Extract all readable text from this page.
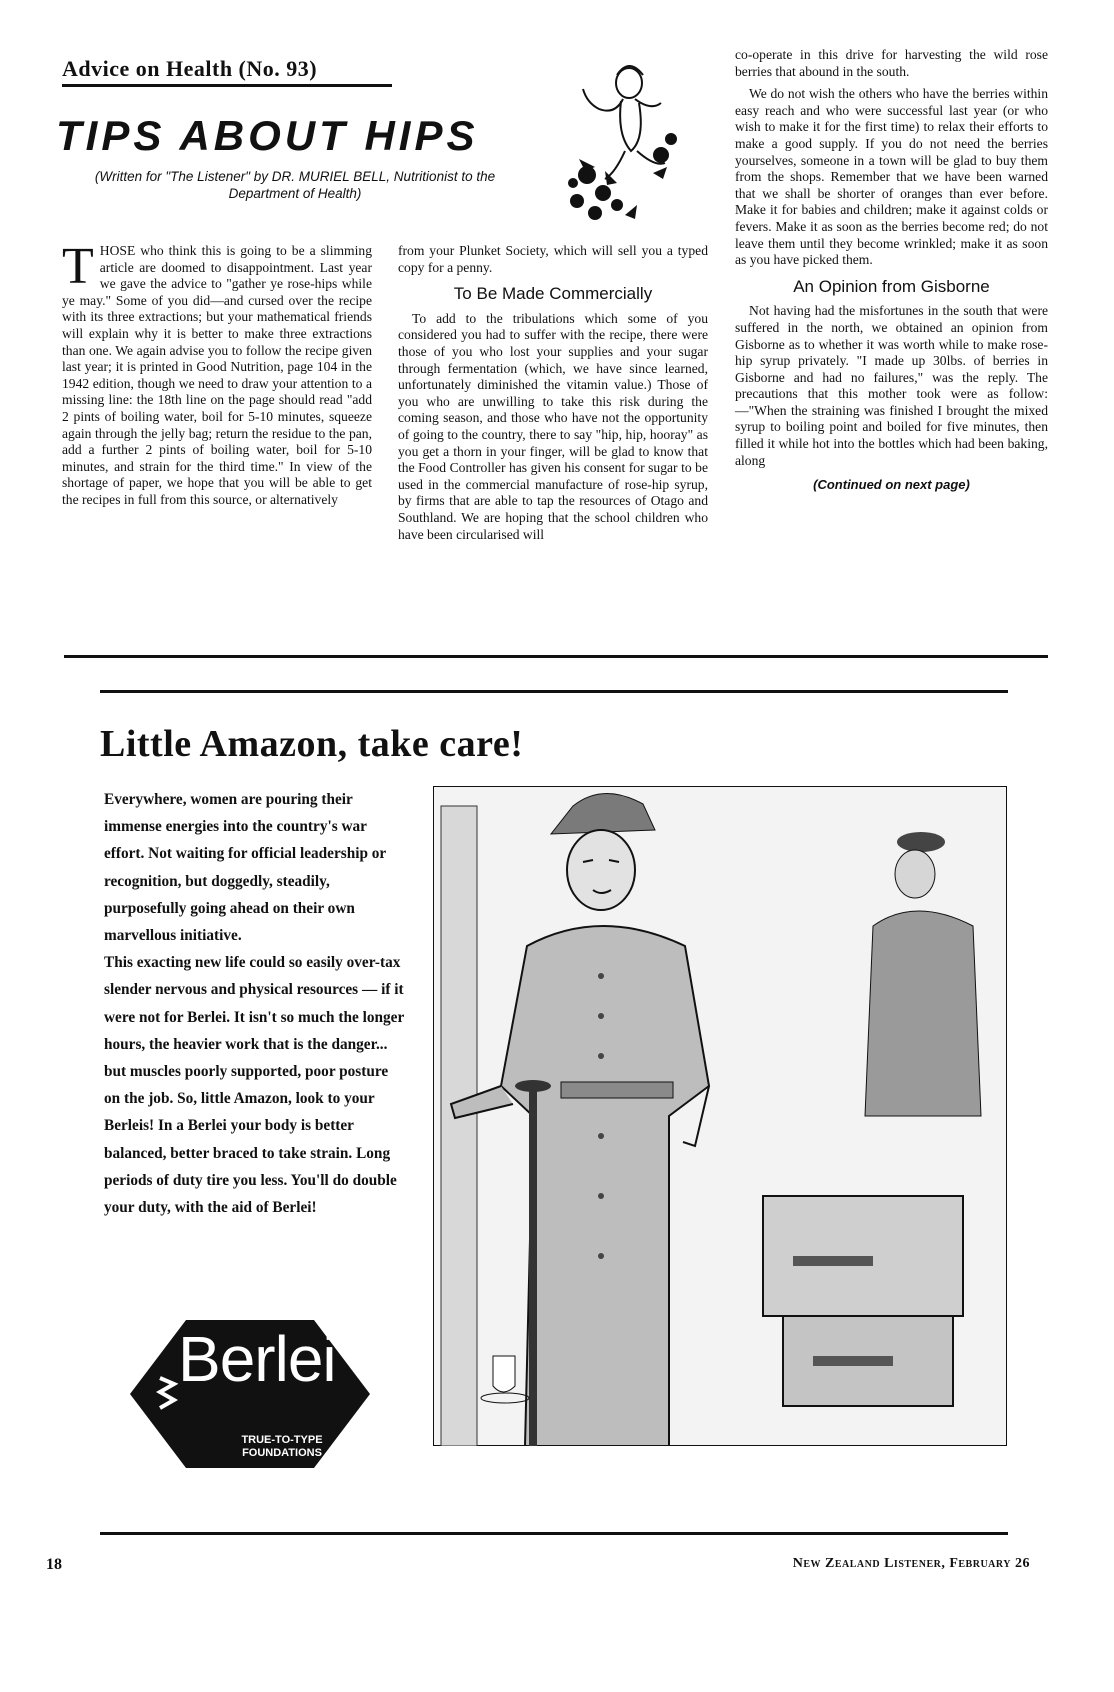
Advice on Health (No. 93)
TIPS ABOUT HIPS
(Written for "The Listener" by DR. MURIEL BELL, Nutritionist to the Department of Health)
T HOSE who think this is going to be a slimming article are doomed to disappointment. Last year we gave the advice to "gather ye rose-hips while ye may." Some of you did—and cursed over the recipe with its three extractions; but your mathematical friends will explain why it is better to make three extractions than one. We again advise you to follow the recipe given last year; it is printed in Good Nutrition, page 104 in the 1942 edition, though we need to draw your attention to a missing line: the 18th line on the page should read "add 2 pints of boiling water, boil for 5-10 minutes, squeeze again through the jelly bag; return the residue to the pan, add a further 2 pints of boiling water, boil for 5-10 minutes, and strain for the third time." In view of the shortage of paper, we hope that you will be able to get the recipes in full from this source, or alternatively

from your Plunket Society, which will sell you a typed copy for a penny.

To Be Made Commercially

To add to the tribulations which some of you considered you had to suffer with the recipe, there were those of you who lost your supplies and your sugar through fermentation (which, we have since learned, unfortunately diminished the vitamin value.) Those of you who are unwilling to take this risk during the coming season, and those who have not the opportunity of going to the country, there to say "hip, hip, hooray" as you get a thorn in your finger, will be glad to know that the Food Controller has given his consent for sugar to be used in the commercial manufacture of rose-hip syrup, by firms that are able to tap the resources of Otago and Southland. We are hoping that the school children who have been circularised will

co-operate in this drive for harvesting the wild rose berries that abound in the south.

We do not wish the others who have the berries within easy reach and who were successful last year (or who wish to make it for the first time) to relax their efforts to make a good supply. If you do not need the berries yourselves, someone in a town will be glad to buy them from the shops. Remember that we have been warned that we shall be shorter of oranges than ever before. Make it for babies and children; make it against colds or fevers. Make it as soon as the berries become red; do not leave them until they become wrinkled; make it as soon as you have picked them.

An Opinion from Gisborne

Not having had the misfortunes in the south that were suffered in the north, we obtained an opinion from Gisborne as to whether it was worth while to make rose-hip syrup privately. "I made up 30lbs. of berries in Gisborne and had no failures," was the reply. The precautions that this mother took were as follow:—"When the straining was finished I brought the mixed syrup to boiling point and boiled for five minutes, then filled it while hot into the bottles which had been baking, along

(Continued on next page)
Little Amazon, take care!

Everywhere, women are pouring their immense energies into the country's war effort. Not waiting for official leadership or recognition, but doggedly, steadily, purposefully going ahead on their own marvellous initiative.

This exacting new life could so easily over-tax slender nervous and physical resources — if it were not for Berlei. It isn't so much the longer hours, the heavier work that is the danger... but muscles poorly supported, poor posture on the job. So, little Amazon, look to your Berleis! In a Berlei your body is better balanced, better braced to take strain. Long periods of duty tire you less. You'll do double your duty, with the aid of Berlei!

Berlei
TRUE-TO-TYPE
FOUNDATIONS
18	New Zealand Listener, February 26
